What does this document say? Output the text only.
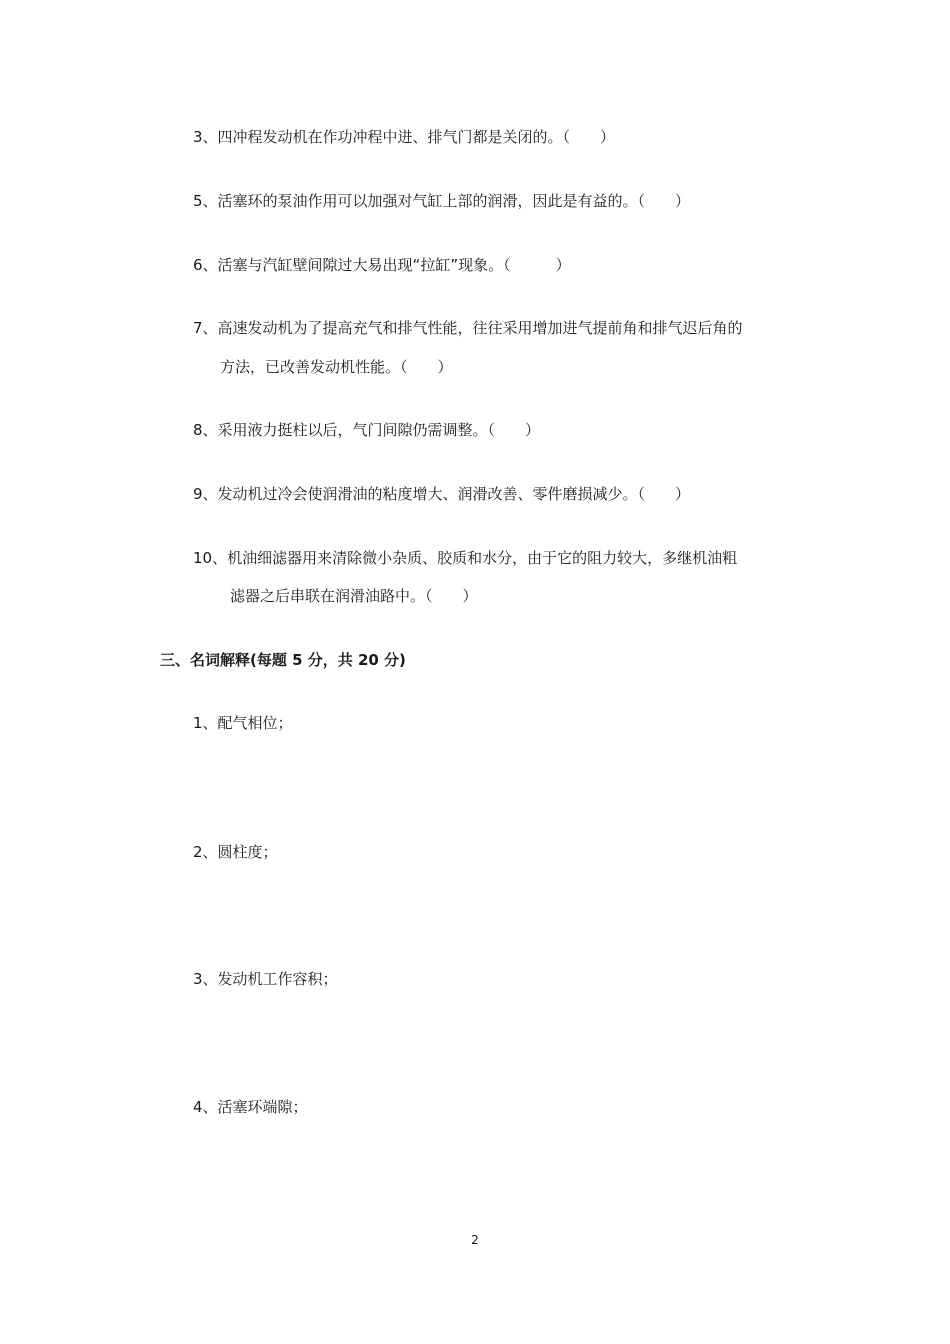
3、四冲程发动机在作功冲程中进、排气门都是关闭的。（　　）
5、活塞环的泵油作用可以加强对气缸上部的润滑，因此是有益的。（　　）
6、活塞与汽缸壁间隙过大易出现“拉缸”现象。（　　　）
7、高速发动机为了提高充气和排气性能，往往采用增加进气提前角和排气迟后角的
方法，已改善发动机性能。（　　）
8、采用液力挺柱以后，气门间隙仍需调整。（　　）
9、发动机过冷会使润滑油的粘度增大、润滑改善、零件磨损减少。（　　）
10、机油细滤器用来清除微小杂质、胶质和水分，由于它的阻力较大，多继机油粗
滤器之后串联在润滑油路中。（　　）
三、名词解释(每题 5 分，共 20 分)
1、配气相位；
2、圆柱度；
3、发动机工作容积；
4、活塞环端隙；
2
